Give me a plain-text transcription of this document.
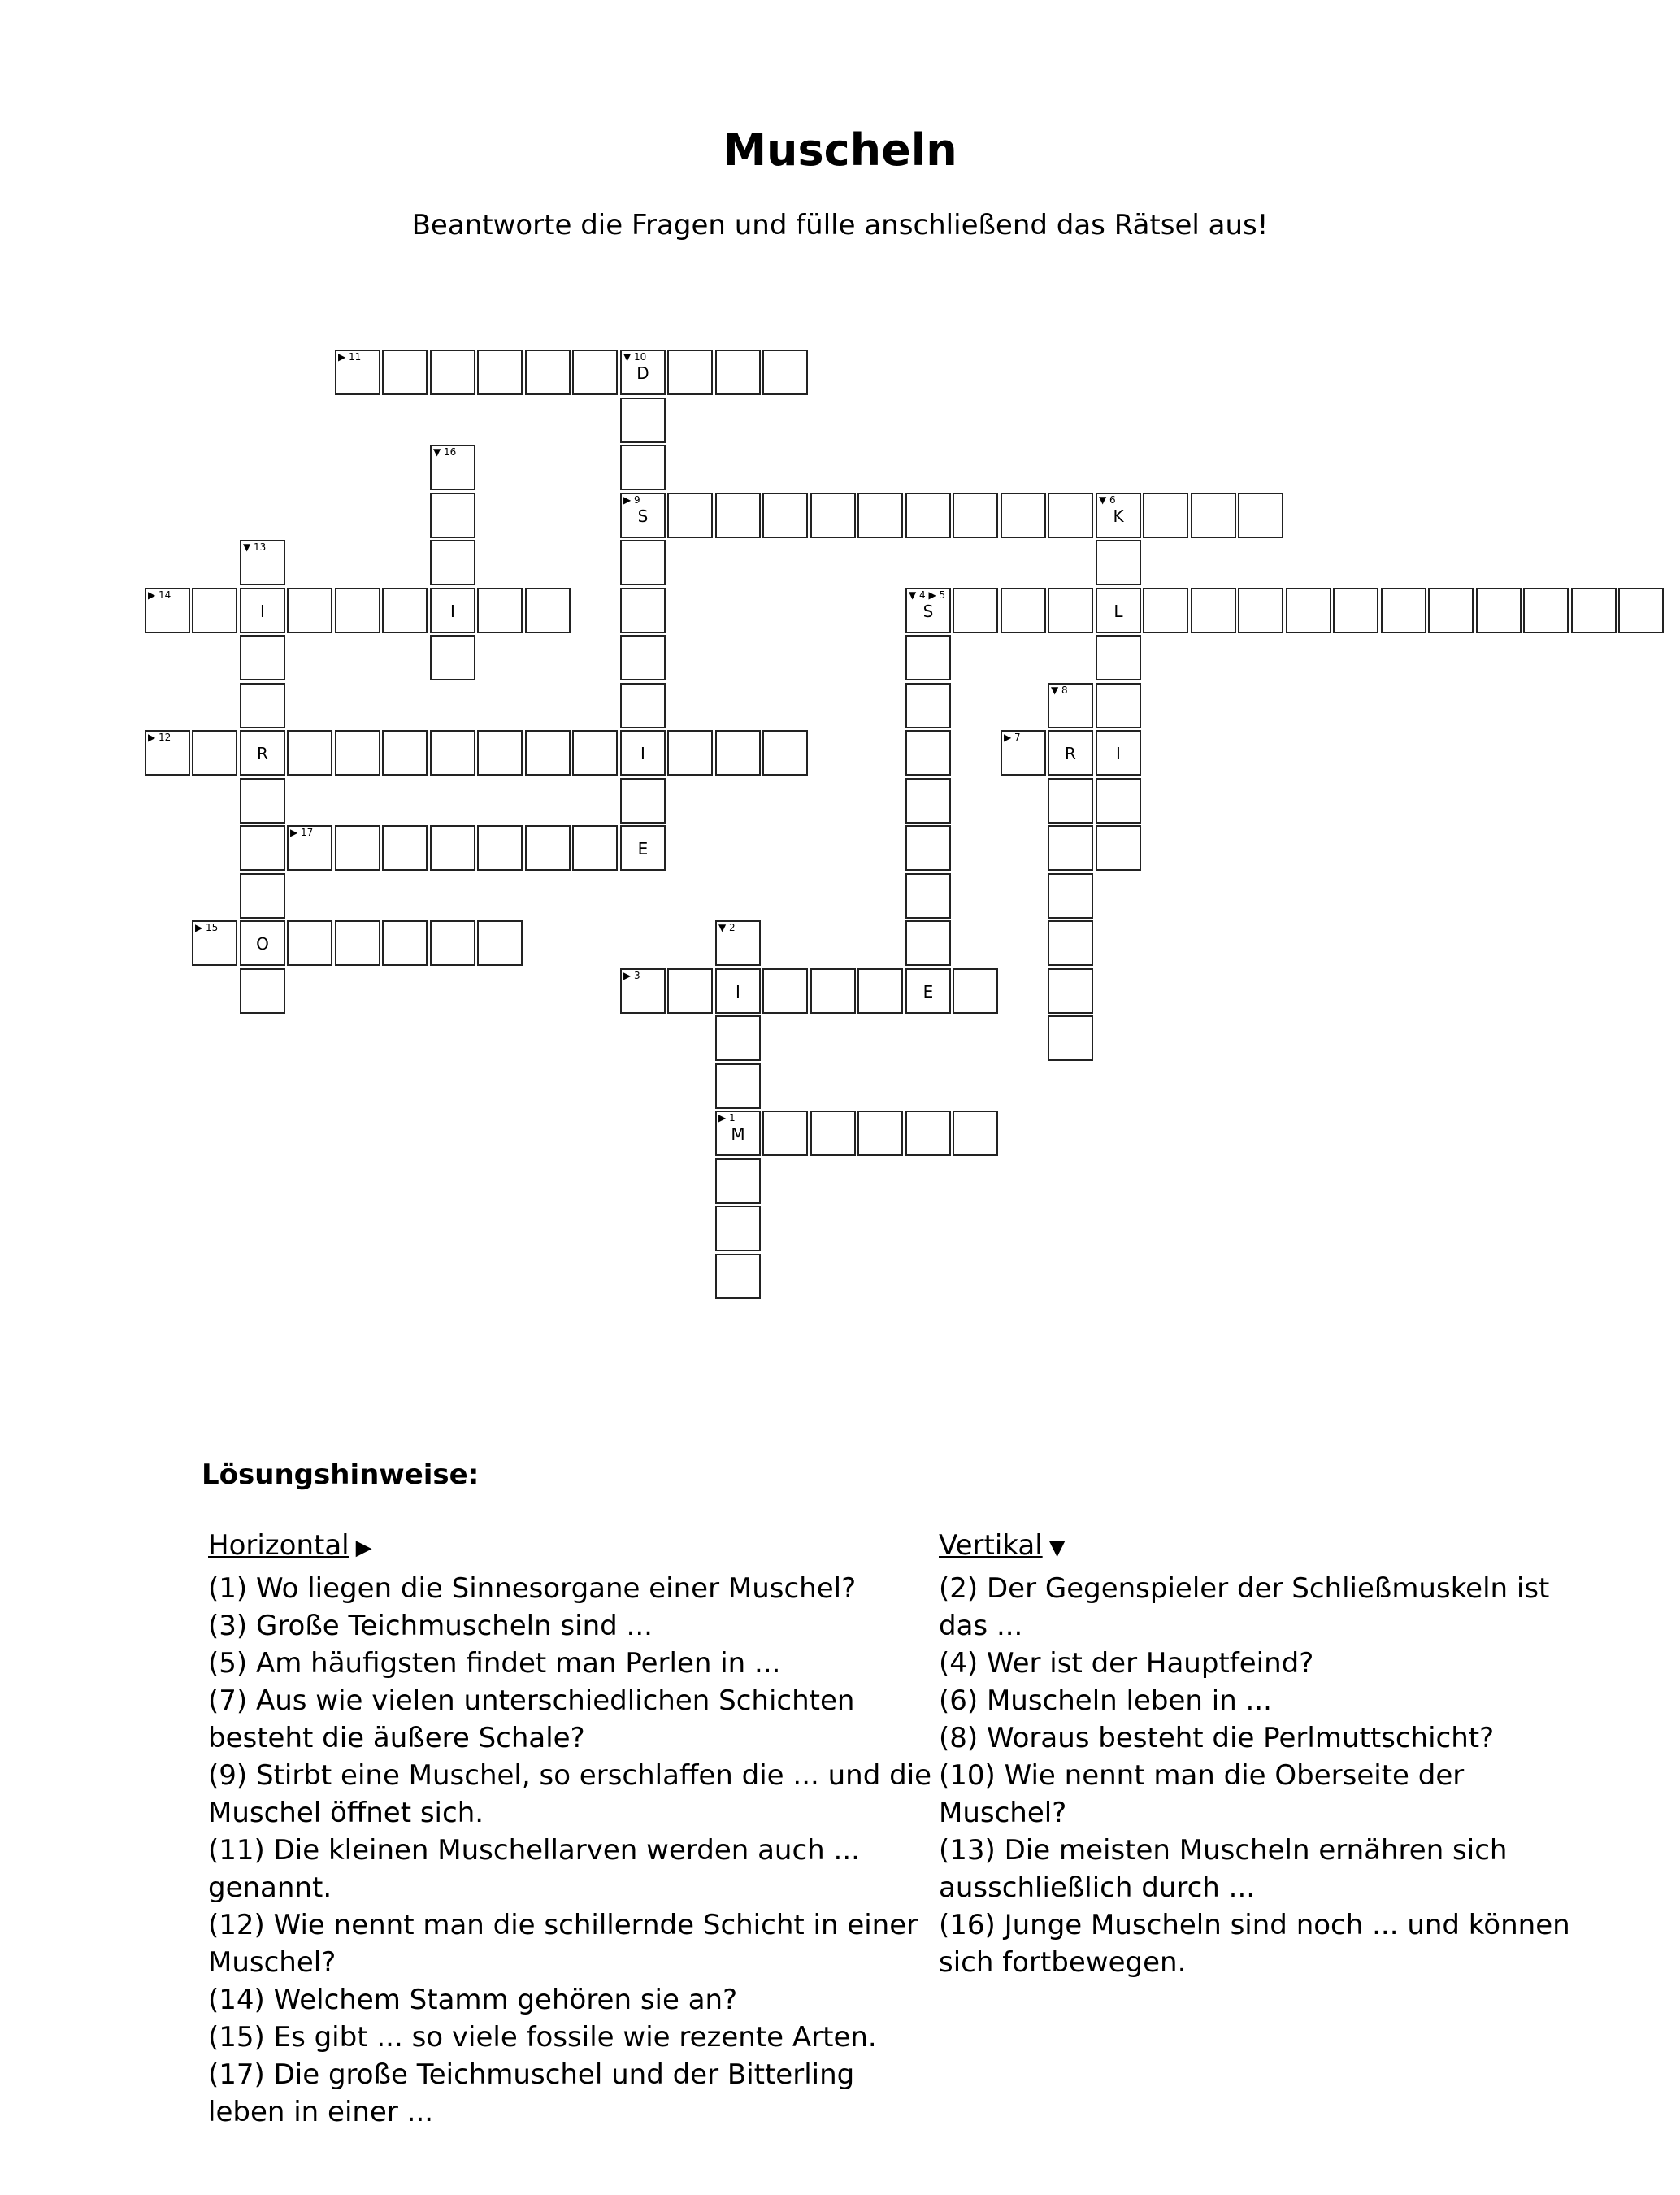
Muscheln
Beantworte die Fragen und fülle anschließend das Rätsel aus!
▶ 11	▼ 10
D
▼ 16
▶ 9
S
▼ 6
K
▼ 13
▶ 14
I	I
▼ 4 ▶ 5
S	L
▼ 8
▶ 12
R	I
▶ 7
R	I
▶ 17
E
▶ 15
O
▼ 2
▶ 3
I	E
▶ 1
M
Lösungshinweise:
Horizontal ▶

(1) Wo liegen die Sinnesorgane einer Muschel?

(3) Große Teichmuscheln sind ...

(5) Am häufigsten findet man Perlen in ...

(7) Aus wie vielen unterschiedlichen Schichten besteht die äußere Schale?

(9) Stirbt eine Muschel, so erschlaffen die ... und die Muschel öffnet sich.

(11) Die kleinen Muschellarven werden auch ... genannt.

(12) Wie nennt man die schillernde Schicht in einer Muschel?

(14) Welchem Stamm gehören sie an?

(15) Es gibt ... so viele fossile wie rezente Arten.

(17) Die große Teichmuschel und der Bitterling leben in einer ...

Vertikal ▼

(2) Der Gegenspieler der Schließmuskeln ist das ...

(4) Wer ist der Hauptfeind?

(6) Muscheln leben in ...

(8) Woraus besteht die Perlmuttschicht?

(10) Wie nennt man die Oberseite der Muschel?

(13) Die meisten Muscheln ernähren sich ausschließlich durch ...

(16) Junge Muscheln sind noch ... und können sich fortbewegen.
